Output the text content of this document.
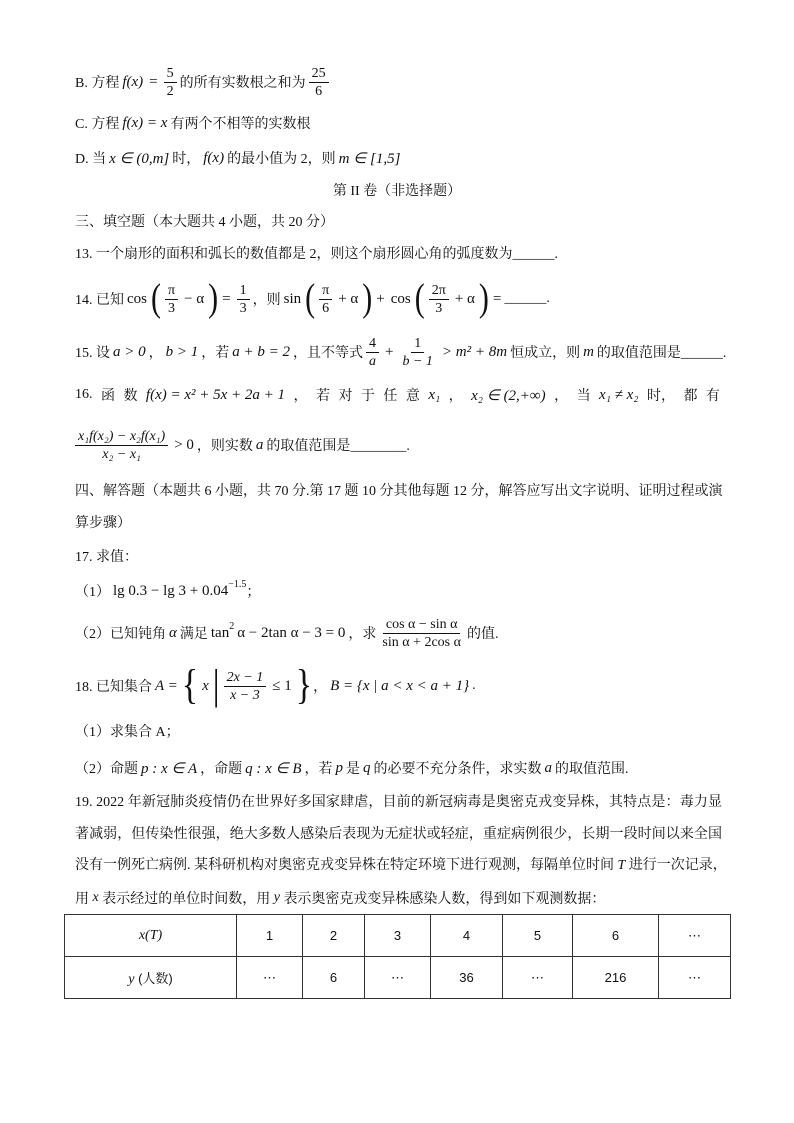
B. 方程 $f(x) = \frac{5}{2}$ 的所有实数根之和为 $\frac{25}{6}$
C. 方程 f(x) = x 有两个不相等的实数根
D. 当 x ∈ (0,m] 时， f(x) 的最小值为 2，则 m ∈ [1,5]
第 II 卷（非选择题）
三、填空题（本大题共 4 小题，共 20 分）
13. 一个扇形的面积和弧长的数值都是 2，则这个扇形圆心角的弧度数为______.
14. 已知 cos ( $\frac{\pi}{3} - \alpha$ ) = $\frac{1}{3}$ ，则 sin ( $\frac{\pi}{6} + \alpha$ ) + cos ( $\frac{2\pi}{3} + \alpha$ ) = ______.
15. 设 a > 0 ， b > 1 ，若 a + b = 2 ，且不等式 $\frac{4}{a} + \frac{1}{b - 1} > m^2 + 8m$ 恒成立，则 m 的取值范围是______.
16. 函 数 f(x) = x² + 5x + 2a + 1 ， 若 对 于 任 意 x₁ ， x₂ ∈ (2,+∞) ， 当 x₁ ≠ x₂ 时， 都 有
$\frac{\text{x₁f(x₂) − x₂f(x₁)}}{\text{x₂ − x₁}} > 0$ ，则实数 a 的取值范围是________.
四、解答题（本题共 6 小题，共 70 分.第 17 题 10 分其他每题 12 分，解答应写出文字说明、证明过程或演
算步骤）
17. 求值：
（1） lg 0.3 − lg 3 + 0.04 −1.5
；
（2）已知钝角 α 满足 tan 2 α − 2tan α − 3 = 0 ，求 $\frac{\text{cos α − sin α}}{\text{sin α + 2cos α}}$ 的值.
18. 已知集合 A = { x | $\frac{2x - 1}{x - 3} \le 1$ } ， B = {x | a < x < a + 1} .
（1）求集合 A；
（2）命题 p : x ∈ A ，命题 q : x ∈ B ，若 p 是 q 的必要不充分条件，求实数 a 的取值范围.
19. 2022 年新冠肺炎疫情仍在世界好多国家肆虐，目前的新冠病毒是奥密克戎变异株，其特点是：毒力显
著减弱，但传染性很强，绝大多数人感染后表现为无症状或轻症，重症病例很少，长期一段时间以来全国
没有一例死亡病例. 某科研机构对奥密克戎变异株在特定环境下进行观测，每隔单位时间 T 进行一次记录，
用 x 表示经过的单位时间数，用 y 表示奥密克戎变异株感染人数，得到如下观测数据：
x(T)	1	2	3	4	5	6	⋯
y (人数)	⋯	6	⋯	36	⋯	216	⋯
